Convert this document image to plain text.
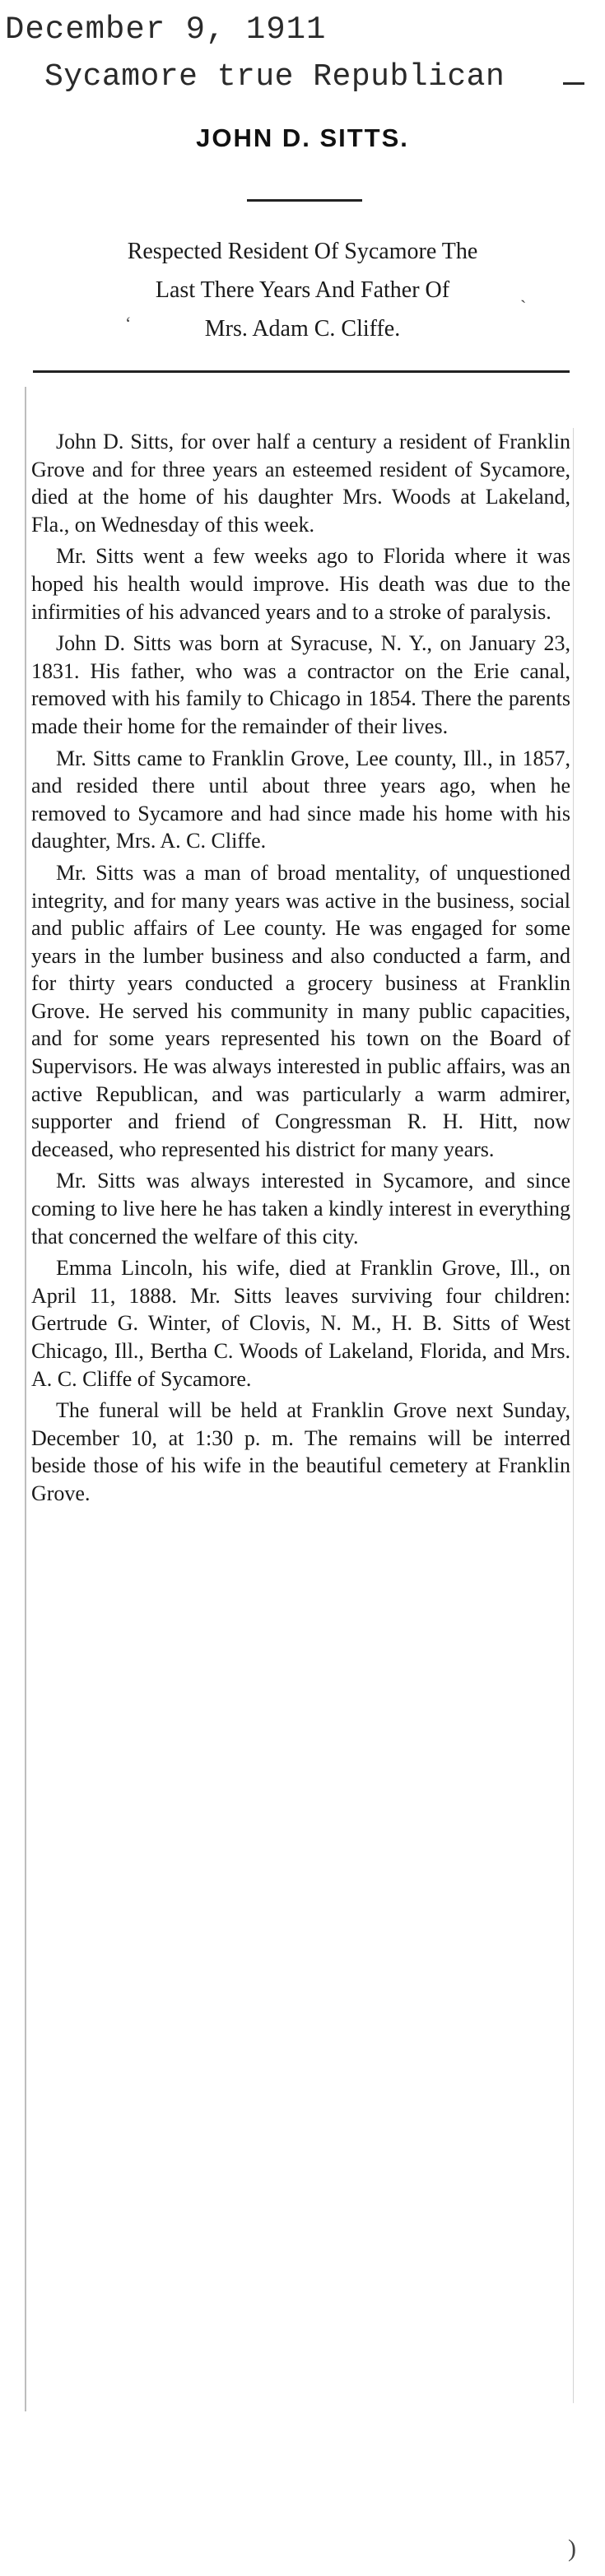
December 9, 1911
Sycamore true Republican
JOHN D. SITTS.
Respected Resident Of Sycamore The
Last There Years And Father Of
Mrs. Adam C. Cliffe.

John D. Sitts, for over half a century a resident of Franklin Grove and for three years an esteemed resident of Sycamore, died at the home of his daughter Mrs. Woods at Lakeland, Fla., on Wednesday of this week.

Mr. Sitts went a few weeks ago to Florida where it was hoped his health would improve. His death was due to the infirmities of his advanced years and to a stroke of paralysis.

John D. Sitts was born at Syracuse, N. Y., on January 23, 1831. His father, who was a contractor on the Erie canal, removed with his family to Chicago in 1854. There the parents made their home for the remainder of their lives.

Mr. Sitts came to Franklin Grove, Lee county, Ill., in 1857, and resided there until about three years ago, when he removed to Sycamore and had since made his home with his daughter, Mrs. A. C. Cliffe.

Mr. Sitts was a man of broad mentality, of unquestioned integrity, and for many years was active in the business, social and public affairs of Lee county. He was engaged for some years in the lumber business and also conducted a farm, and for thirty years conducted a grocery business at Franklin Grove. He served his community in many public capacities, and for some years represented his town on the Board of Supervisors. He was always interested in public affairs, was an active Republican, and was particularly a warm admirer, supporter and friend of Congressman R. H. Hitt, now deceased, who represented his district for many years.

Mr. Sitts was always interested in Sycamore, and since coming to live here he has taken a kindly interest in everything that concerned the welfare of this city.

Emma Lincoln, his wife, died at Franklin Grove, Ill., on April 11, 1888. Mr. Sitts leaves surviving four children: Gertrude G. Winter, of Clovis, N. M., H. B. Sitts of West Chicago, Ill., Bertha C. Woods of Lakeland, Florida, and Mrs. A. C. Cliffe of Sycamore.

The funeral will be held at Franklin Grove next Sunday, December 10, at 1:30 p. m. The remains will be interred beside those of his wife in the beautiful cemetery at Franklin Grove.

‘
˴
)
